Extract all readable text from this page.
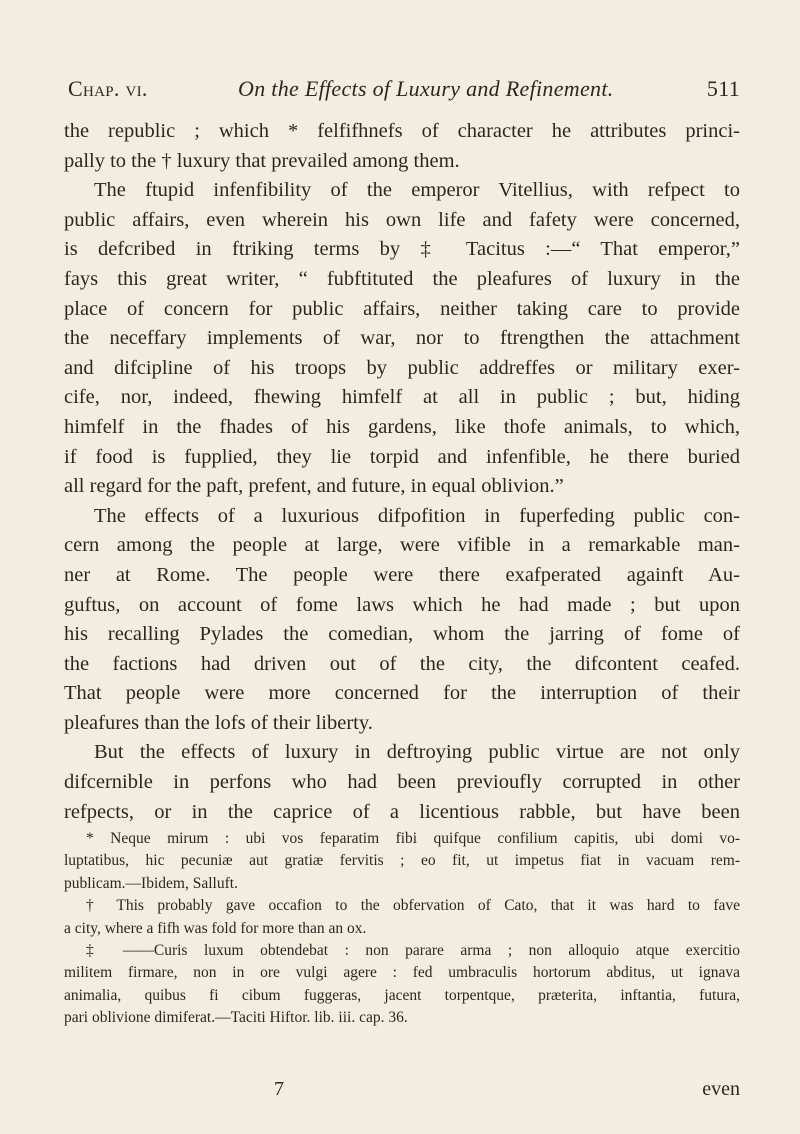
Chap. vi.	On the Effects of Luxury and Refinement.	511
the republic ; which * felfifhnefs of character he attributes princi-
pally to the † luxury that prevailed among them.
The ftupid infenfibility of the emperor Vitellius, with refpect to
public affairs, even wherein his own life and fafety were concerned,
is defcribed in ftriking terms by ‡ Tacitus :—“ That emperor,”
fays this great writer, “ fubftituted the pleafures of luxury in the
place of concern for public affairs, neither taking care to provide
the neceffary implements of war, nor to ftrengthen the attachment
and difcipline of his troops by public addreffes or military exer-
cife, nor, indeed, fhewing himfelf at all in public ; but, hiding
himfelf in the fhades of his gardens, like thofe animals, to which,
if food is fupplied, they lie torpid and infenfible, he there buried
all regard for the paft, prefent, and future, in equal oblivion.”
The effects of a luxurious difpofition in fuperfeding public con-
cern among the people at large, were vifible in a remarkable man-
ner at Rome. The people were there exafperated againft Au-
guftus, on account of fome laws which he had made ; but upon
his recalling Pylades the comedian, whom the jarring of fome of
the factions had driven out of the city, the difcontent ceafed.
That people were more concerned for the interruption of their
pleafures than the lofs of their liberty.
But the effects of luxury in deftroying public virtue are not only
difcernible in perfons who had been previoufly corrupted in other
refpects, or in the caprice of a licentious rabble, but have been
* Neque mirum : ubi vos feparatim fibi quifque confilium capitis, ubi domi vo-
luptatibus, hic pecuniæ aut gratiæ fervitis ; eo fit, ut impetus fiat in vacuam rem-
publicam.—Ibidem, Salluft.
† This probably gave occafion to the obfervation of Cato, that it was hard to fave
a city, where a fifh was fold for more than an ox.
‡ ——Curis luxum obtendebat : non parare arma ; non alloquio atque exercitio
militem firmare, non in ore vulgi agere : fed umbraculis hortorum abditus, ut ignava
animalia, quibus fi cibum fuggeras, jacent torpentque, præterita, inftantia, futura,
pari oblivione dimiferat.—Taciti Hiftor. lib. iii. cap. 36.
7	even
